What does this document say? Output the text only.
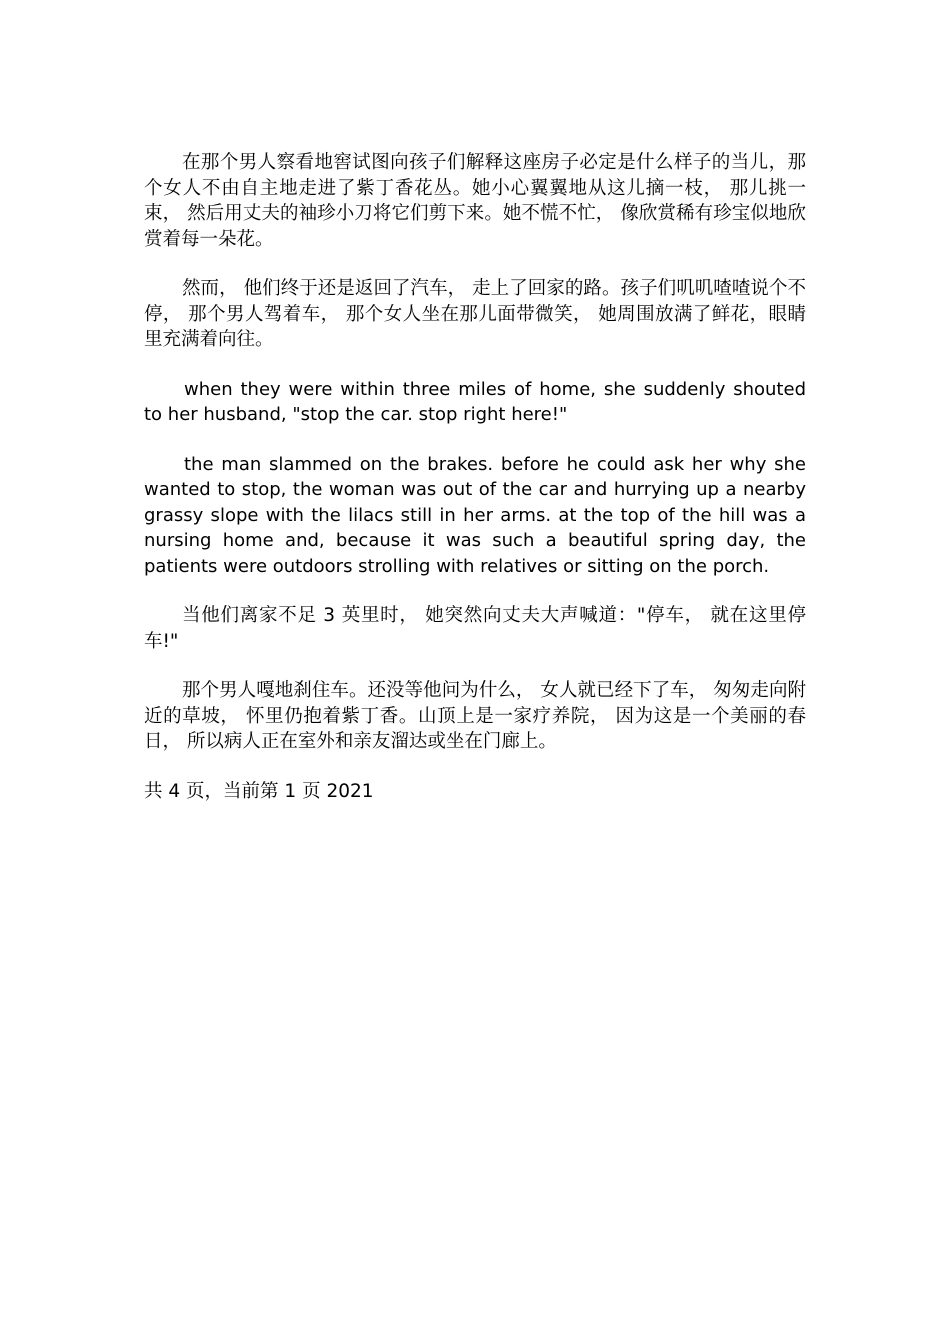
在那个男人察看地窖试图向孩子们解释这座房子必定是什么样子的当儿，那个女人不由自主地走进了紫丁香花丛。她小心翼翼地从这儿摘一枝， 那儿挑一束， 然后用丈夫的袖珍小刀将它们剪下来。她不慌不忙， 像欣赏稀有珍宝似地欣赏着每一朵花。

然而， 他们终于还是返回了汽车， 走上了回家的路。孩子们叽叽喳喳说个不停， 那个男人驾着车， 那个女人坐在那儿面带微笑， 她周围放满了鲜花，眼睛里充满着向往。

when they were within three miles of home, she suddenly shouted to her husband, "stop the car. stop right here!"

the man slammed on the brakes. before he could ask her why she wanted to stop, the woman was out of the car and hurrying up a nearby grassy slope with the lilacs still in her arms. at the top of the hill was a nursing home and, because it was such a beautiful spring day, the patients were outdoors strolling with relatives or sitting on the porch.

当他们离家不足 3 英里时， 她突然向丈夫大声喊道："停车， 就在这里停车!"

那个男人嘎地刹住车。还没等他问为什么， 女人就已经下了车， 匆匆走向附近的草坡， 怀里仍抱着紫丁香。山顶上是一家疗养院， 因为这是一个美丽的春日， 所以病人正在室外和亲友溜达或坐在门廊上。

共 4 页，当前第 1 页 2021
